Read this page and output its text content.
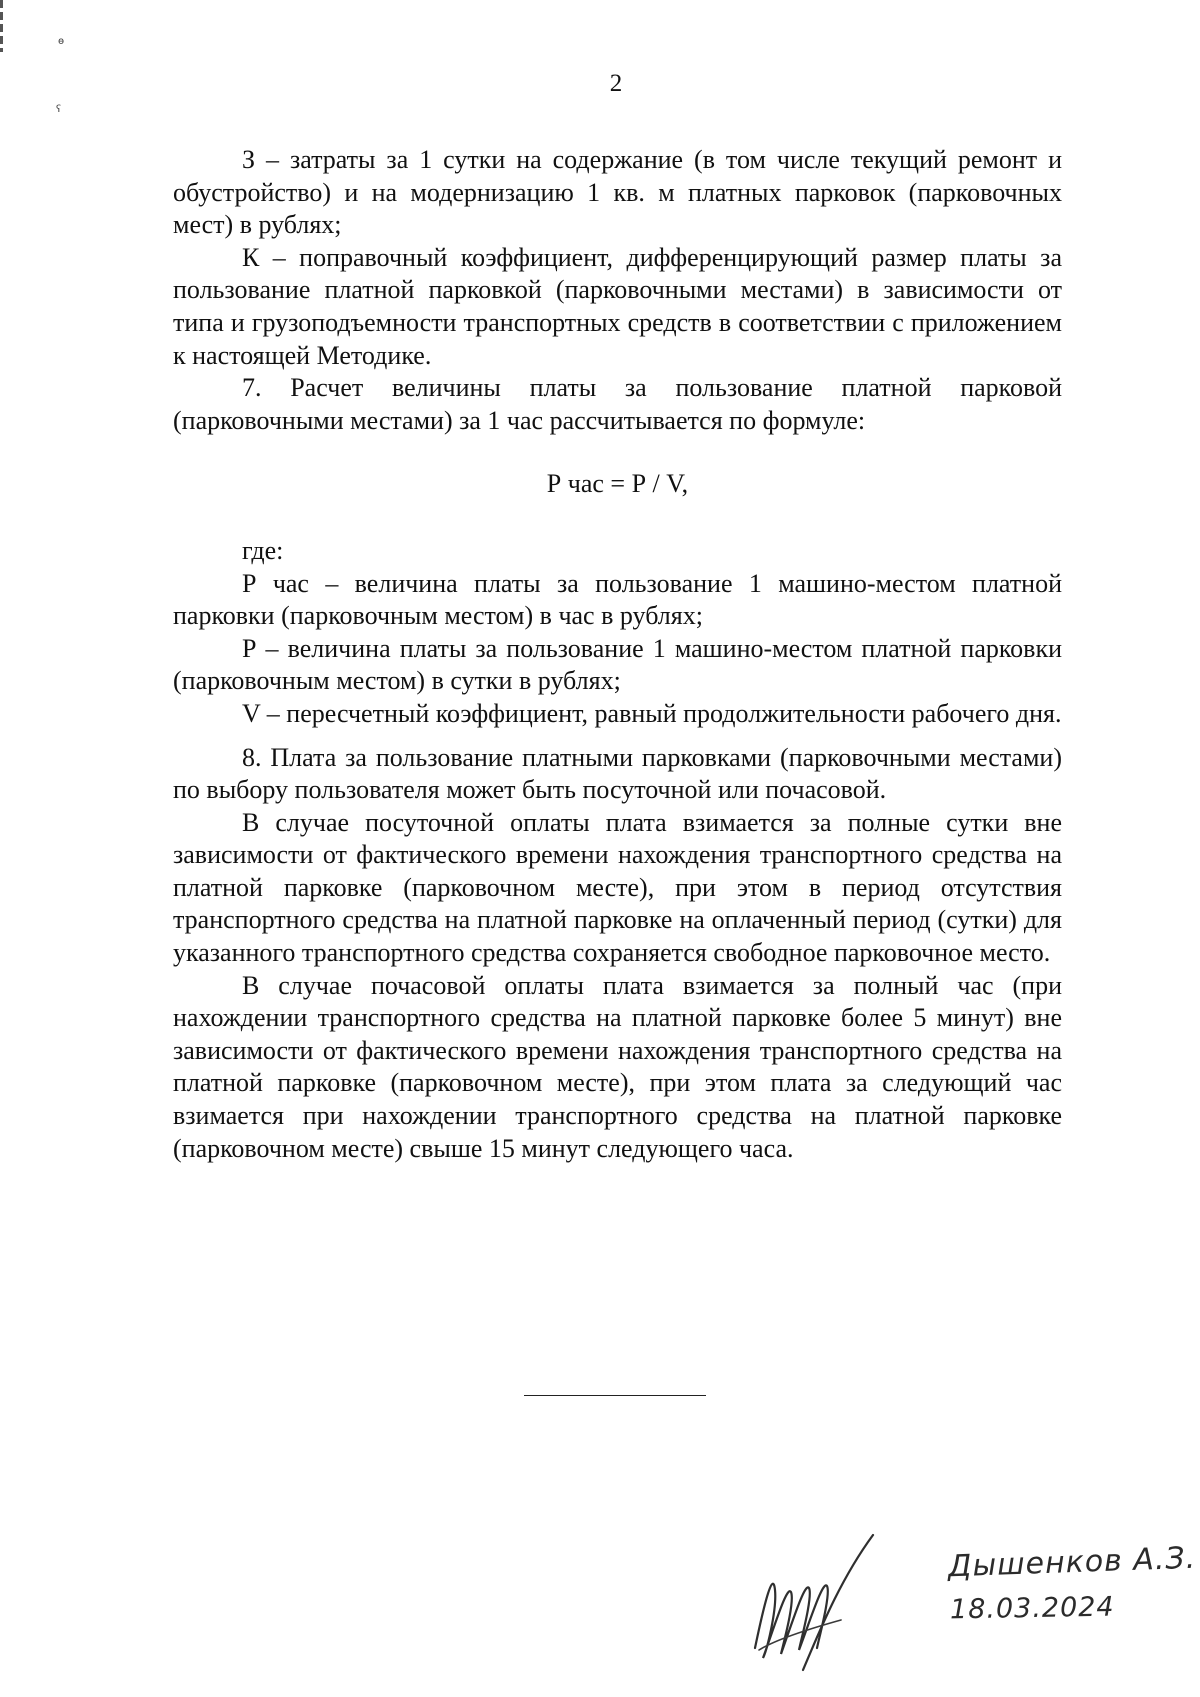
ɵ
ʕ
2

З – затраты за 1 сутки на содержание (в том числе текущий ремонт и обустройство) и на модернизацию 1 кв. м платных парковок (парковочных мест) в рублях;

К – поправочный коэффициент, дифференцирующий размер платы за пользование платной парковкой (парковочными местами) в зависимости от типа и грузоподъемности транспортных средств в соответствии с приложением к настоящей Методике.

7. Расчет величины платы за пользование платной парковой (парковочными местами) за 1 час рассчитывается по формуле:

Р час = Р / V,

где:

Р час – величина платы за пользование 1 машино-местом платной парковки (парковочным местом) в час в рублях;

Р – величина платы за пользование 1 машино-местом платной парковки (парковочным местом) в сутки в рублях;

V – пересчетный коэффициент, равный продолжительности рабочего дня.

8. Плата за пользование платными парковками (парковочными местами) по выбору пользователя может быть посуточной или почасовой.

В случае посуточной оплаты плата взимается за полные сутки вне зависимости от фактического времени нахождения транспортного средства на платной парковке (парковочном месте), при этом в период отсутствия транспортного средства на платной парковке на оплаченный период (сутки) для указанного транспортного средства сохраняется свободное парковочное место.

В случае почасовой оплаты плата взимается за полный час (при нахождении транспортного средства на платной парковке более 5 минут) вне зависимости от фактического времени нахождения транспортного средства на платной парковке (парковочном месте), при этом плата за следующий час взимается при нахождении транспортного средства на платной парковке (парковочном месте) свыше 15 минут следующего часа.

Дышенков А.З.
18.03.2024
